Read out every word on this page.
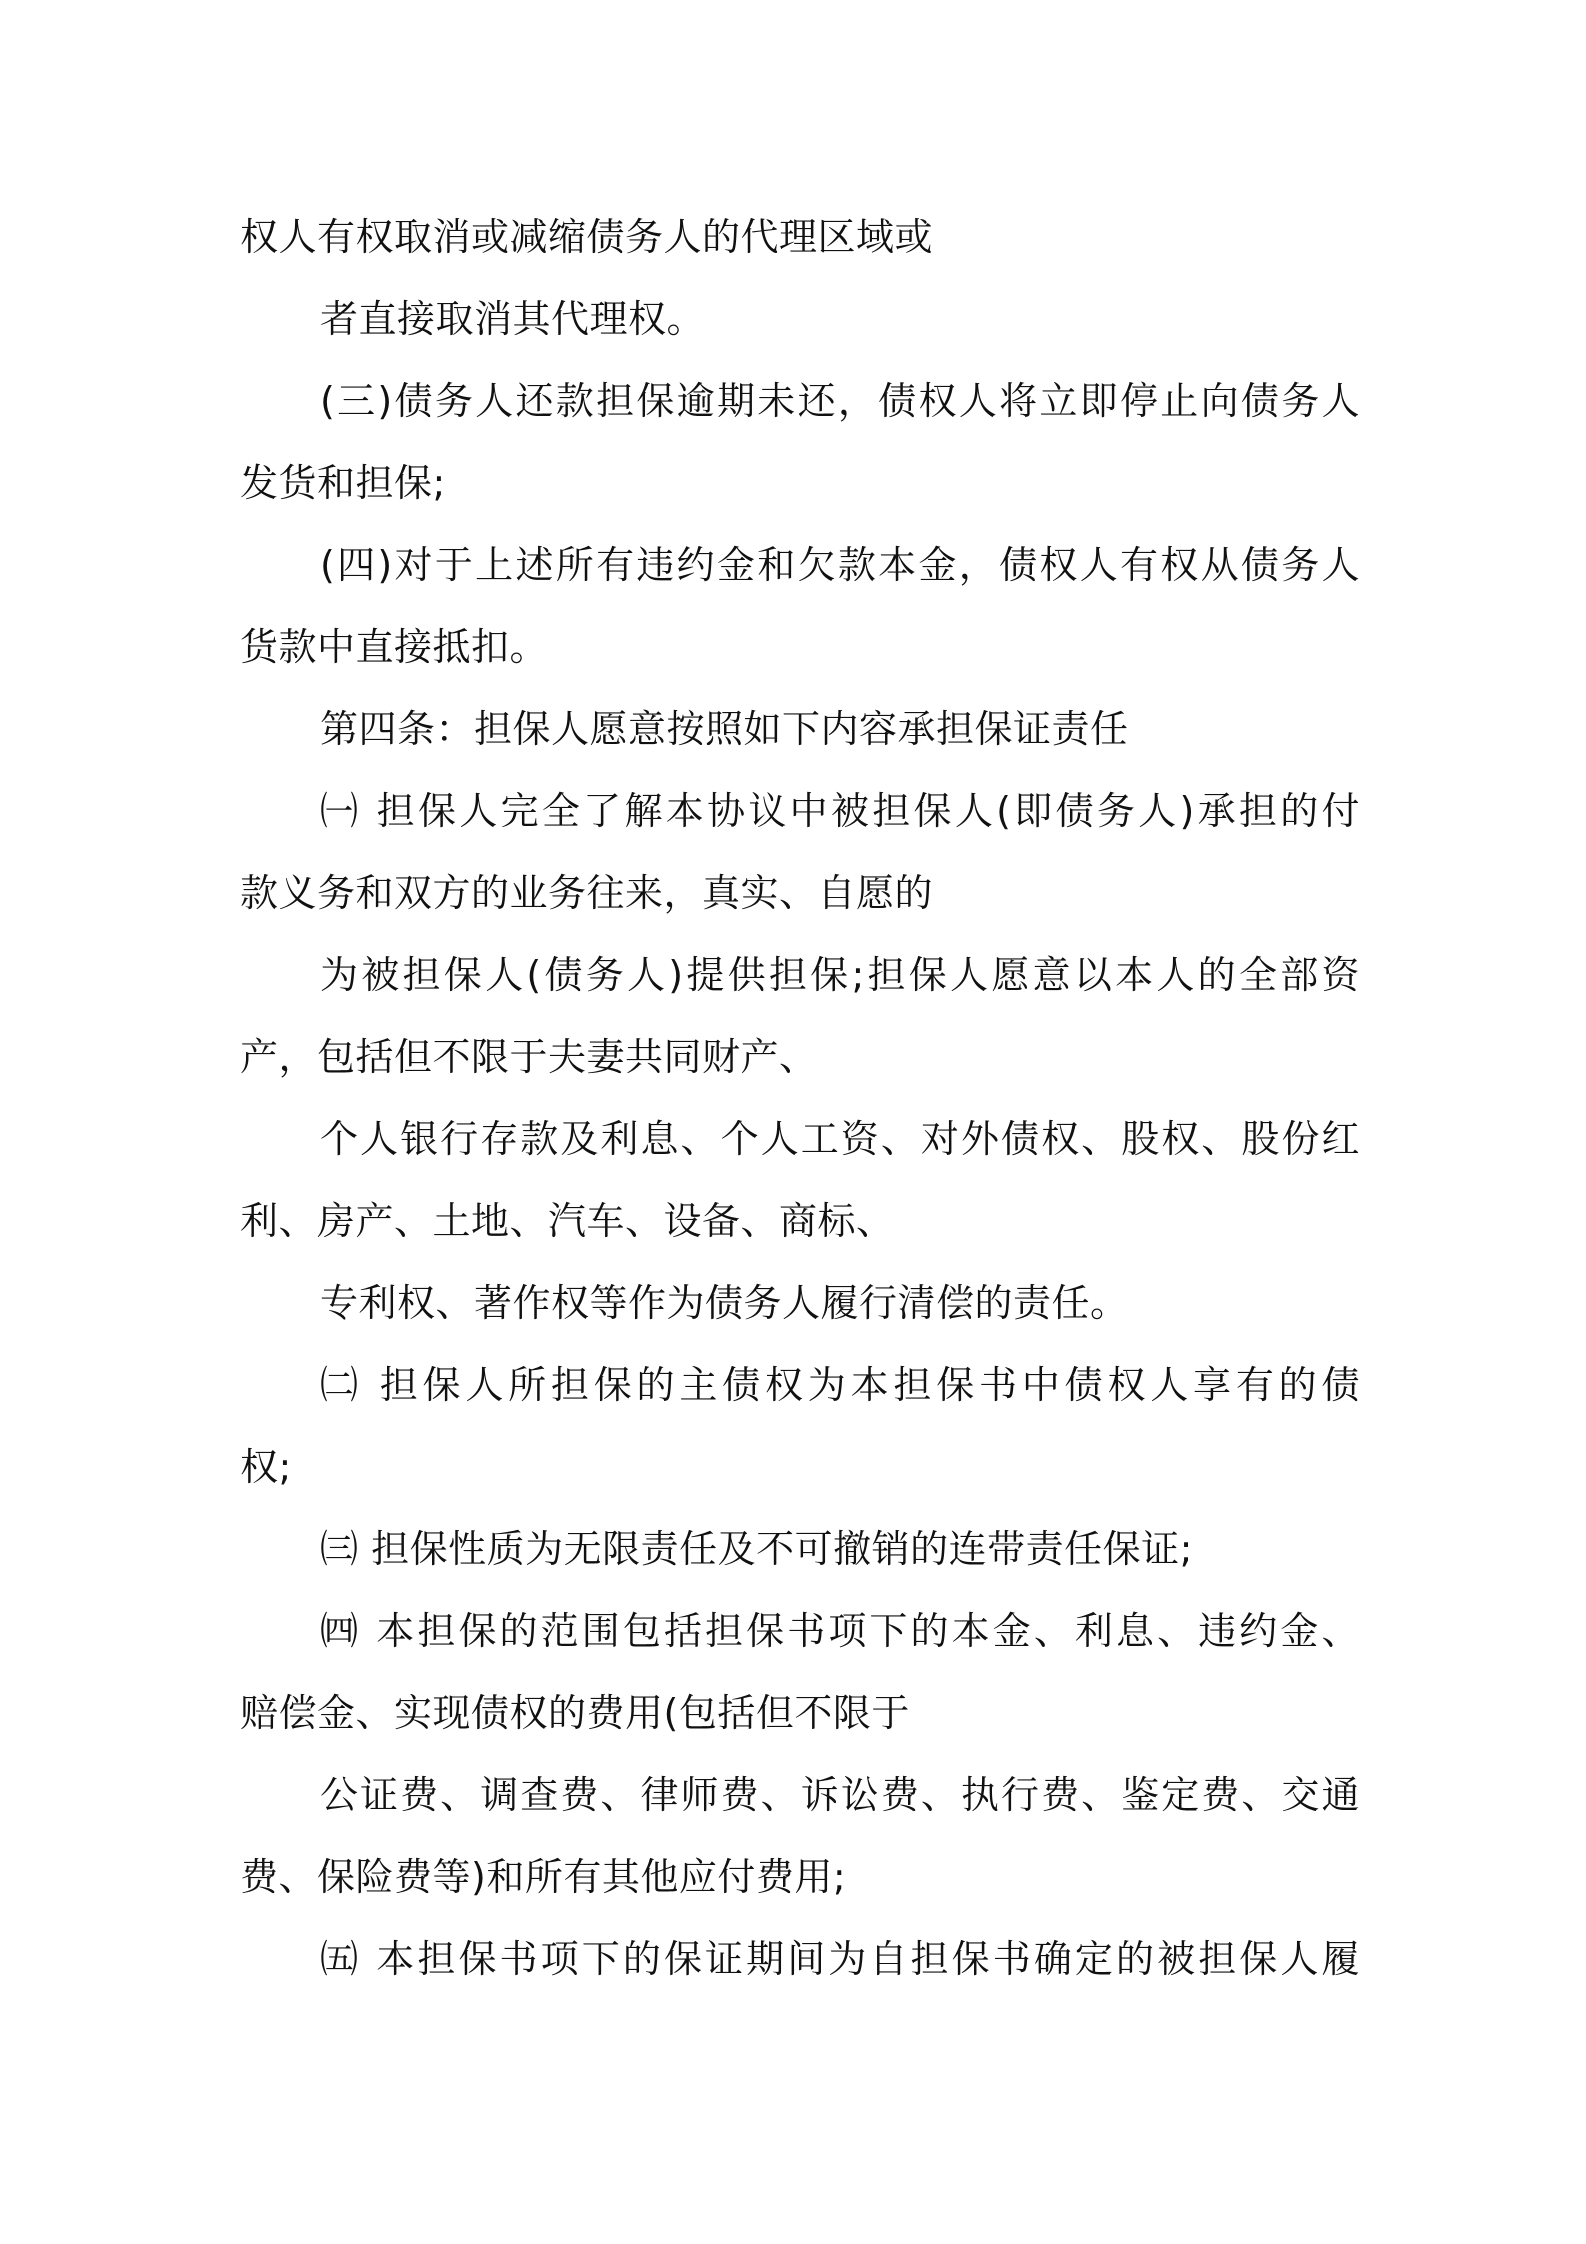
权人有权取消或减缩债务人的代理区域或
者直接取消其代理权。
(三)债务人还款担保逾期未还，债权人将立即停止向债务人
发货和担保;
(四)对于上述所有违约金和欠款本金，债权人有权从债务人
货款中直接抵扣。
第四条：担保人愿意按照如下内容承担保证责任
㈠ 担保人完全了解本协议中被担保人(即债务人)承担的付
款义务和双方的业务往来，真实、自愿的
为被担保人(债务人)提供担保;担保人愿意以本人的全部资
产，包括但不限于夫妻共同财产、
个人银行存款及利息、个人工资、对外债权、股权、股份红
利、房产、土地、汽车、设备、商标、
专利权、著作权等作为债务人履行清偿的责任。
㈡ 担保人所担保的主债权为本担保书中债权人享有的债
权;
㈢ 担保性质为无限责任及不可撤销的连带责任保证;
㈣ 本担保的范围包括担保书项下的本金、利息、违约金、
赔偿金、实现债权的费用(包括但不限于
公证费、调查费、律师费、诉讼费、执行费、鉴定费、交通
费、保险费等)和所有其他应付费用;
㈤ 本担保书项下的保证期间为自担保书确定的被担保人履
